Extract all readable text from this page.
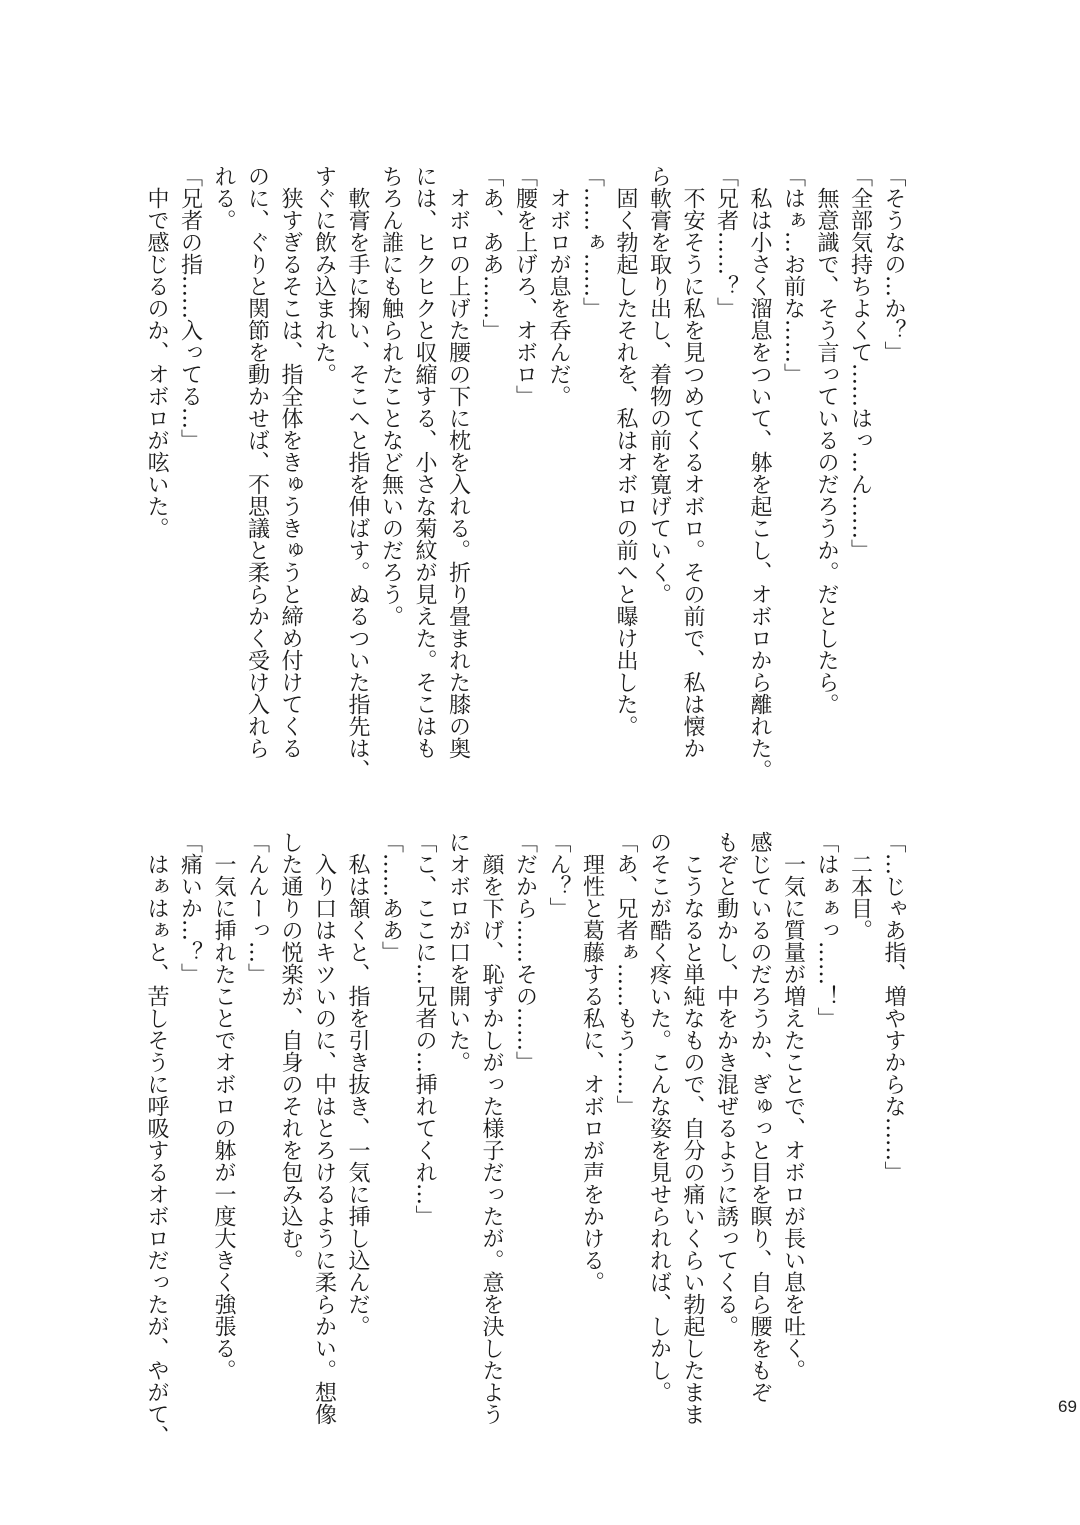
「そうなの…か？」
「全部気持ちよくて……はっ…ん……」
　無意識で、そう言っているのだろうか。だとしたら。
「はぁ…お前な……」
　私は小さく溜息をついて、躰を起こし、オボロから離れた。
「兄者……？」
　不安そうに私を見つめてくるオボロ。その前で、私は懐か
ら軟膏を取り出し、着物の前を寛げていく。
　固く勃起したそれを、私はオボロの前へと曝け出した。
「……ぁ……」
　オボロが息を呑んだ。
「腰を上げろ、オボロ」
「あ、ああ……」
　オボロの上げた腰の下に枕を入れる。折り畳まれた膝の奥
には、ヒクヒクと収縮する、小さな菊紋が見えた。そこはも
ちろん誰にも触られたことなど無いのだろう。
　軟膏を手に掬い、そこへと指を伸ばす。ぬるついた指先は、
すぐに飲み込まれた。
　狭すぎるそこは、指全体をきゅうきゅうと締め付けてくる
のに、ぐりと関節を動かせば、不思議と柔らかく受け入れら
れる。
「兄者の指……入ってる…」
　中で感じるのか、オボロが呟いた。
「…じゃあ指、増やすからな……」
　二本目。
「はぁぁっ……！」
　一気に質量が増えたことで、オボロが長い息を吐く。
感じているのだろうか、ぎゅっと目を瞑り、自ら腰をもぞ
もぞと動かし、中をかき混ぜるように誘ってくる。
　こうなると単純なもので、自分の痛いくらい勃起したまま
のそこが酷く疼いた。こんな姿を見せられれば、しかし。
「あ、兄者ぁ……もう……」
　理性と葛藤する私に、オボロが声をかける。
「ん？」
「だから……その……」
　顔を下げ、恥ずかしがった様子だったが。意を決したよう
にオボロが口を開いた。
「こ、ここに…兄者の…挿れてくれ…」
「……ああ」
　私は頷くと、指を引き抜き、一気に挿し込んだ。
　入り口はキツいのに、中はとろけるように柔らかい。想像
した通りの悦楽が、自身のそれを包み込む。
「んんーっ…」
　一気に挿れたことでオボロの躰が一度大きく強張る。
「痛いか…？」
　はぁはぁと、苦しそうに呼吸するオボロだったが、やがて、	69
